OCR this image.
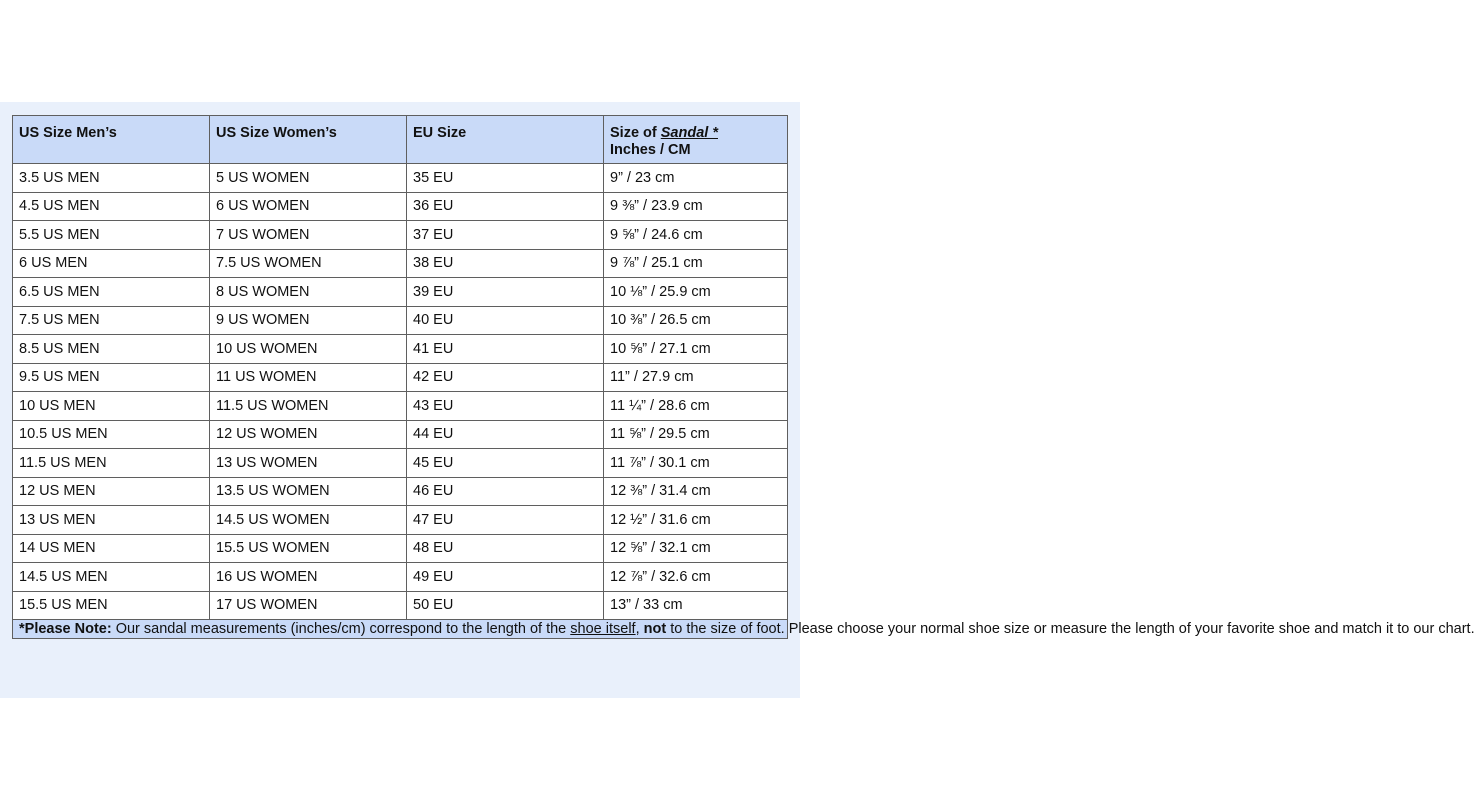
US Size Men’s	US Size Women’s	EU Size	Size of Sandal *
Inches / CM
3.5 US MEN	5 US WOMEN	35 EU	9” / 23 cm
4.5 US MEN	6 US WOMEN	36 EU	9 ⅜” / 23.9 cm
5.5 US MEN	7 US WOMEN	37 EU	9 ⅝” / 24.6 cm
6 US MEN	7.5 US WOMEN	38 EU	9 ⅞” / 25.1 cm
6.5 US MEN	8 US WOMEN	39 EU	10 ⅛” / 25.9 cm
7.5 US MEN	9 US WOMEN	40 EU	10 ⅜” / 26.5 cm
8.5 US MEN	10 US WOMEN	41 EU	10 ⅝” / 27.1 cm
9.5 US MEN	11 US WOMEN	42 EU	11” / 27.9 cm
10 US MEN	11.5 US WOMEN	43 EU	11 ¼” / 28.6 cm
10.5 US MEN	12 US WOMEN	44 EU	11 ⅝” / 29.5 cm
11.5 US MEN	13 US WOMEN	45 EU	11 ⅞” / 30.1 cm
12 US MEN	13.5 US WOMEN	46 EU	12 ⅜” / 31.4 cm
13 US MEN	14.5 US WOMEN	47 EU	12 ½” / 31.6 cm
14 US MEN	15.5 US WOMEN	48 EU	12 ⅝” / 32.1 cm
14.5 US MEN	16 US WOMEN	49 EU	12 ⅞” / 32.6 cm
15.5 US MEN	17 US WOMEN	50 EU	13” / 33 cm
*Please Note: Our sandal measurements (inches/cm) correspond to the length of the shoe itself, not to the size of foot. Please choose your normal shoe size or measure the length of your favorite shoe and match it to our chart.			
